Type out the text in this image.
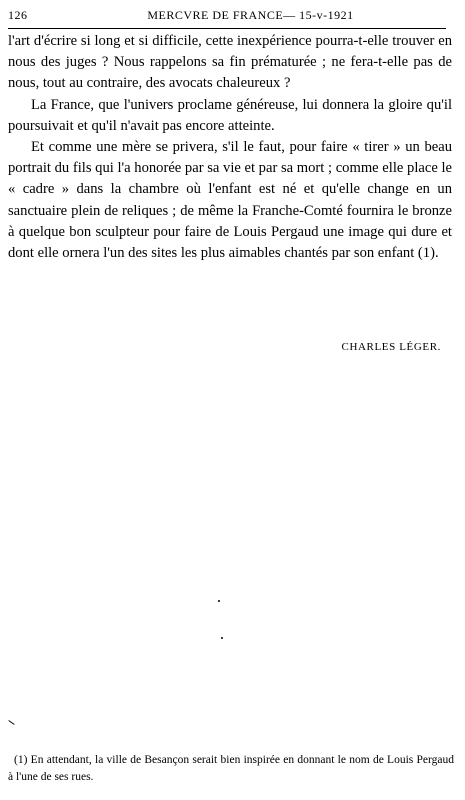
126	MERCVRE DE FRANCE— 15-v-1921

l'art d'écrire si long et si difficile, cette inexpérience pourra-t-elle trouver en nous des juges ? Nous rappelons sa fin prématurée ; ne fera-t-elle pas de nous, tout au contraire, des avocats chaleureux ?

La France, que l'univers proclame généreuse, lui donnera la gloire qu'il poursuivait et qu'il n'avait pas encore atteinte.

Et comme une mère se privera, s'il le faut, pour faire « tirer » un beau portrait du fils qui l'a honorée par sa vie et par sa mort ; comme elle place le « cadre » dans la chambre où l'enfant est né et qu'elle change en un sanctuaire plein de reliques ; de même la Franche-Comté fournira le bronze à quelque bon sculpteur pour faire de Louis Pergaud une image qui dure et dont elle ornera l'un des sites les plus aimables chantés par son enfant (1).

CHARLES LÉGER.

(1) En attendant, la ville de Besançon serait bien inspirée en donnant le nom de Louis Pergaud à l'une de ses rues.
